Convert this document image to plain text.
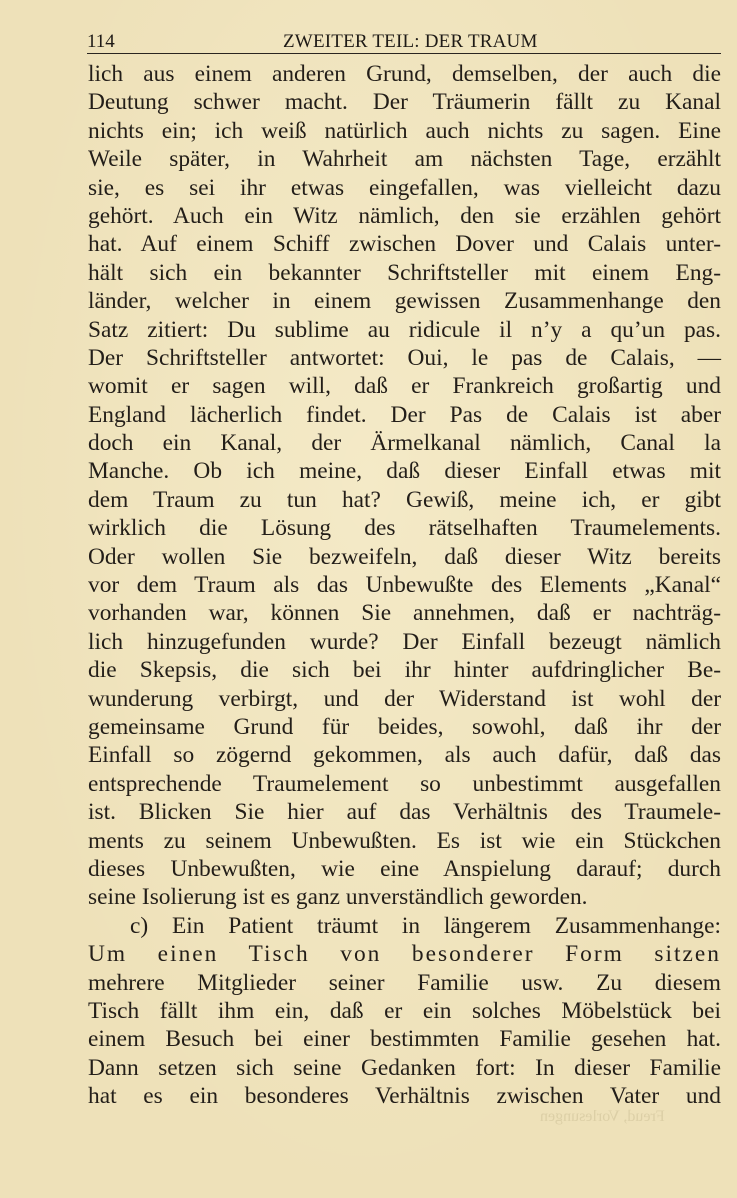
114	ZWEITER TEIL: DER TRAUM
lich aus einem anderen Grund, demselben, der auch die
Deutung schwer macht. Der Träumerin fällt zu Kanal
nichts ein; ich weiß natürlich auch nichts zu sagen. Eine
Weile später, in Wahrheit am nächsten Tage, erzählt
sie, es sei ihr etwas eingefallen, was vielleicht dazu
gehört. Auch ein Witz nämlich, den sie erzählen gehört
hat. Auf einem Schiff zwischen Dover und Calais unter-
hält sich ein bekannter Schriftsteller mit einem Eng-
länder, welcher in einem gewissen Zusammenhange den
Satz zitiert: Du sublime au ridicule il n’y a qu’un pas.
Der Schriftsteller antwortet: Oui, le pas de Calais, —
womit er sagen will, daß er Frankreich großartig und
England lächerlich findet. Der Pas de Calais ist aber
doch ein Kanal, der Ärmelkanal nämlich, Canal la
Manche. Ob ich meine, daß dieser Einfall etwas mit
dem Traum zu tun hat? Gewiß, meine ich, er gibt
wirklich die Lösung des rätselhaften Traumelements.
Oder wollen Sie bezweifeln, daß dieser Witz bereits
vor dem Traum als das Unbewußte des Elements „Kanal“
vorhanden war, können Sie annehmen, daß er nachträg-
lich hinzugefunden wurde? Der Einfall bezeugt nämlich
die Skepsis, die sich bei ihr hinter aufdringlicher Be-
wunderung verbirgt, und der Widerstand ist wohl der
gemeinsame Grund für beides, sowohl, daß ihr der
Einfall so zögernd gekommen, als auch dafür, daß das
entsprechende Traumelement so unbestimmt ausgefallen
ist. Blicken Sie hier auf das Verhältnis des Traumele-
ments zu seinem Unbewußten. Es ist wie ein Stückchen
dieses Unbewußten, wie eine Anspielung darauf; durch
seine Isolierung ist es ganz unverständlich geworden.
c) Ein Patient träumt in längerem Zusammenhange:
Um einen Tisch von besonderer Form sitzen
mehrere Mitglieder seiner Familie usw. Zu diesem
Tisch fällt ihm ein, daß er ein solches Möbelstück bei
einem Besuch bei einer bestimmten Familie gesehen hat.
Dann setzen sich seine Gedanken fort: In dieser Familie
hat es ein besonderes Verhältnis zwischen Vater und
Freud, Vorlesungen
